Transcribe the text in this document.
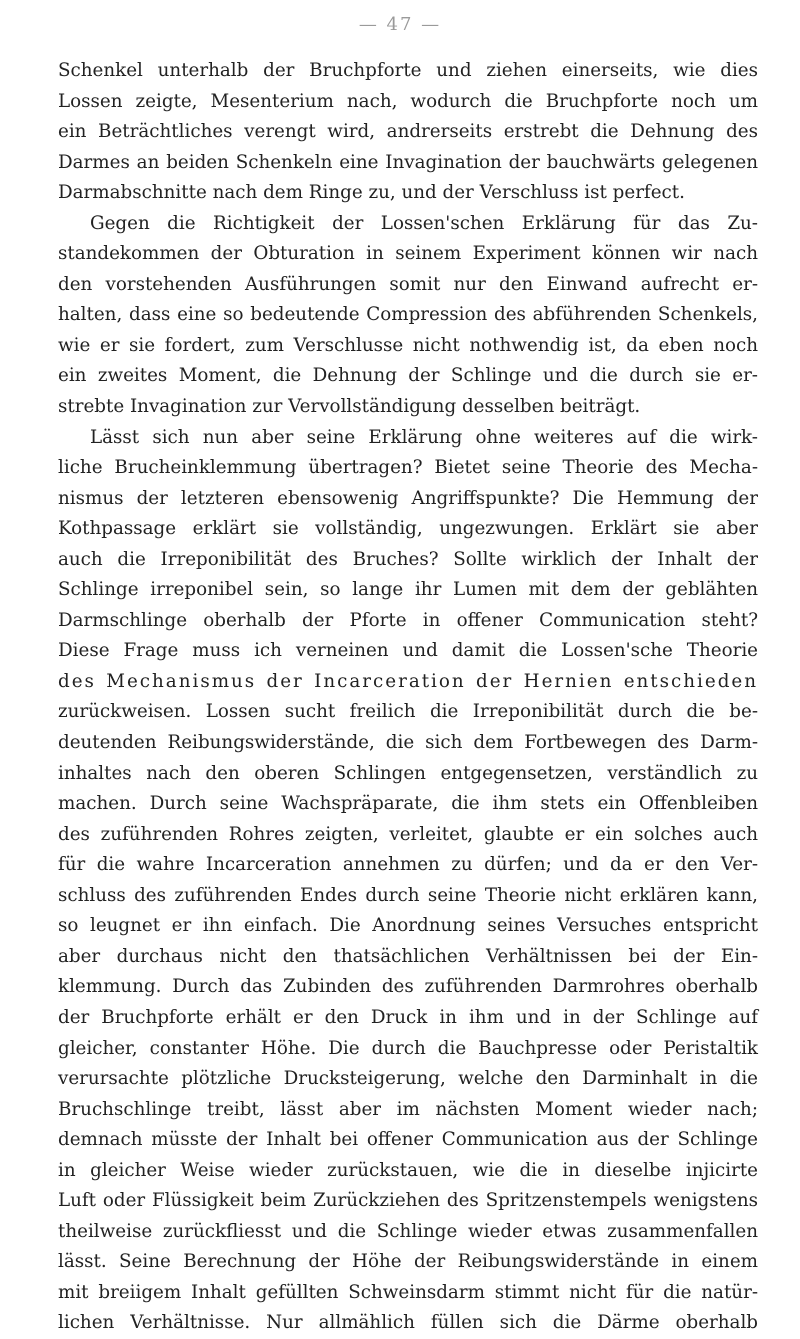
— 47 —
Schenkel unterhalb der Bruchpforte und ziehen einerseits, wie dies
Lossen zeigte, Mesenterium nach, wodurch die Bruchpforte noch um
ein Beträchtliches verengt wird, andrerseits erstrebt die Dehnung des
Darmes an beiden Schenkeln eine Invagination der bauchwärts gelegenen
Darmabschnitte nach dem Ringe zu, und der Verschluss ist perfect.
Gegen die Richtigkeit der Lossen'schen Erklärung für das Zu-
standekommen der Obturation in seinem Experiment können wir nach
den vorstehenden Ausführungen somit nur den Einwand aufrecht er-
halten, dass eine so bedeutende Compression des abführenden Schenkels,
wie er sie fordert, zum Verschlusse nicht nothwendig ist, da eben noch
ein zweites Moment, die Dehnung der Schlinge und die durch sie er-
strebte Invagination zur Vervollständigung desselben beiträgt.
Lässt sich nun aber seine Erklärung ohne weiteres auf die wirk-
liche Brucheinklemmung übertragen? Bietet seine Theorie des Mecha-
nismus der letzteren ebensowenig Angriffspunkte? Die Hemmung der
Kothpassage erklärt sie vollständig, ungezwungen. Erklärt sie aber
auch die Irreponibilität des Bruches? Sollte wirklich der Inhalt der
Schlinge irreponibel sein, so lange ihr Lumen mit dem der geblähten
Darmschlinge oberhalb der Pforte in offener Communication steht?
Diese Frage muss ich verneinen und damit die Lossen'sche Theorie
des Mechanismus der Incarceration der Hernien entschieden
zurückweisen. Lossen sucht freilich die Irreponibilität durch die be-
deutenden Reibungswiderstände, die sich dem Fortbewegen des Darm-
inhaltes nach den oberen Schlingen entgegensetzen, verständlich zu
machen. Durch seine Wachspräparate, die ihm stets ein Offenbleiben
des zuführenden Rohres zeigten, verleitet, glaubte er ein solches auch
für die wahre Incarceration annehmen zu dürfen; und da er den Ver-
schluss des zuführenden Endes durch seine Theorie nicht erklären kann,
so leugnet er ihn einfach. Die Anordnung seines Versuches entspricht
aber durchaus nicht den thatsächlichen Verhältnissen bei der Ein-
klemmung. Durch das Zubinden des zuführenden Darmrohres oberhalb
der Bruchpforte erhält er den Druck in ihm und in der Schlinge auf
gleicher, constanter Höhe. Die durch die Bauchpresse oder Peristaltik
verursachte plötzliche Drucksteigerung, welche den Darminhalt in die
Bruchschlinge treibt, lässt aber im nächsten Moment wieder nach;
demnach müsste der Inhalt bei offener Communication aus der Schlinge
in gleicher Weise wieder zurückstauen, wie die in dieselbe injicirte
Luft oder Flüssigkeit beim Zurückziehen des Spritzenstempels wenigstens
theilweise zurückfliesst und die Schlinge wieder etwas zusammenfallen
lässt. Seine Berechnung der Höhe der Reibungswiderstände in einem
mit breiigem Inhalt gefüllten Schweinsdarm stimmt nicht für die natür-
lichen Verhältnisse. Nur allmählich füllen sich die Därme oberhalb
